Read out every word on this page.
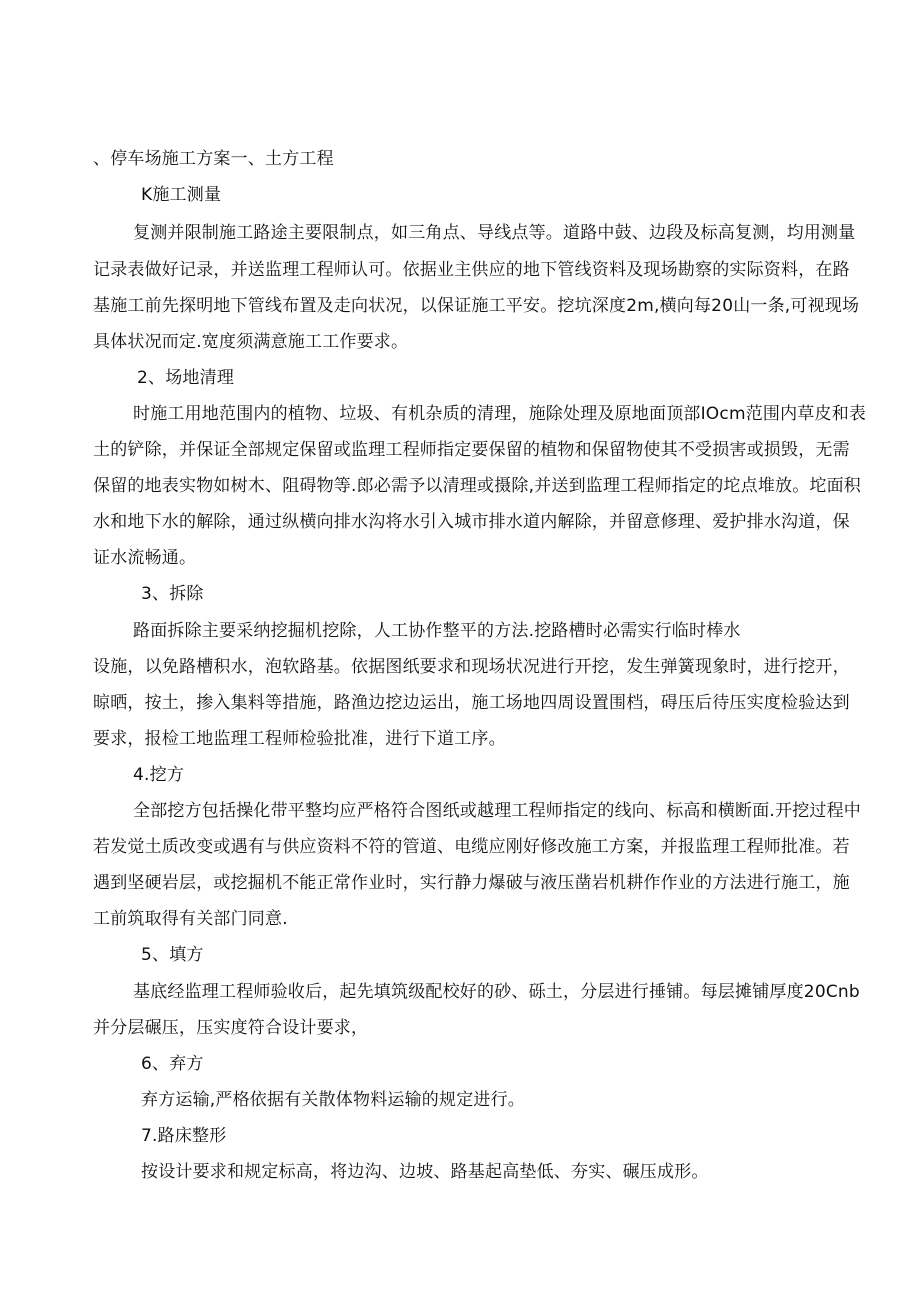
、停车场施工方案一、土方工程
K施工测量
复测并限制施工路途主要限制点，如三角点、导线点等。道路中鼓、边段及标高复测，均用测量
记录表做好记录，并送监理工程师认可。依据业主供应的地下管线资料及现场勘察的实际资料，在路
基施工前先探明地下管线布置及走向状况，以保证施工平安。挖坑深度2m,横向每20山一条,可视现场
具体状况而定.宽度须满意施工工作要求。
2、场地清理
时施工用地范围内的植物、垃圾、有机杂质的清理，施除处理及原地面顶部IOcm范围内草皮和表
土的铲除，并保证全部规定保留或监理工程师指定要保留的植物和保留物使其不受损害或损毁，无需
保留的地表实物如树木、阻碍物等.郎必需予以清理或摄除,并送到监理工程师指定的坨点堆放。坨面积
水和地下水的解除，通过纵横向排水沟将水引入城市排水道内解除，并留意修理、爱护排水沟道，保
证水流畅通。
3、拆除
路面拆除主要采纳挖掘机挖除，人工协作整平的方法.挖路槽时必需实行临时棒水
设施，以免路槽积水，泡软路基。依据图纸要求和现场状况进行开挖，发生弹簧现象时，进行挖开，
晾晒，按土，掺入集料等措施，路渔边挖边运出，施工场地四周设置围档，碍压后待压实度检验达到
要求，报检工地监理工程师检验批准，进行下道工序。
4.挖方
全部挖方包括操化带平整均应严格符合图纸或越理工程师指定的线向、标高和横断面.开挖过程中
若发觉土质改变或遇有与供应资料不符的管道、电缆应刚好修改施工方案，并报监理工程师批准。若
遇到坚硬岩层，或挖掘机不能正常作业时，实行静力爆破与液压凿岩机耕作作业的方法进行施工，施
工前筑取得有关部门同意.
5、填方
基底经监理工程师验收后，起先填筑级配校好的砂、砾土，分层进行捶铺。每层摊铺厚度20Cnb
并分层碾压，压实度符合设计要求，
6、弃方
弃方运输,严格依据有关散体物料运输的规定进行。
7.路床整形
按设计要求和规定标高，将边沟、边坡、路基起高垫低、夯实、碾压成形。
